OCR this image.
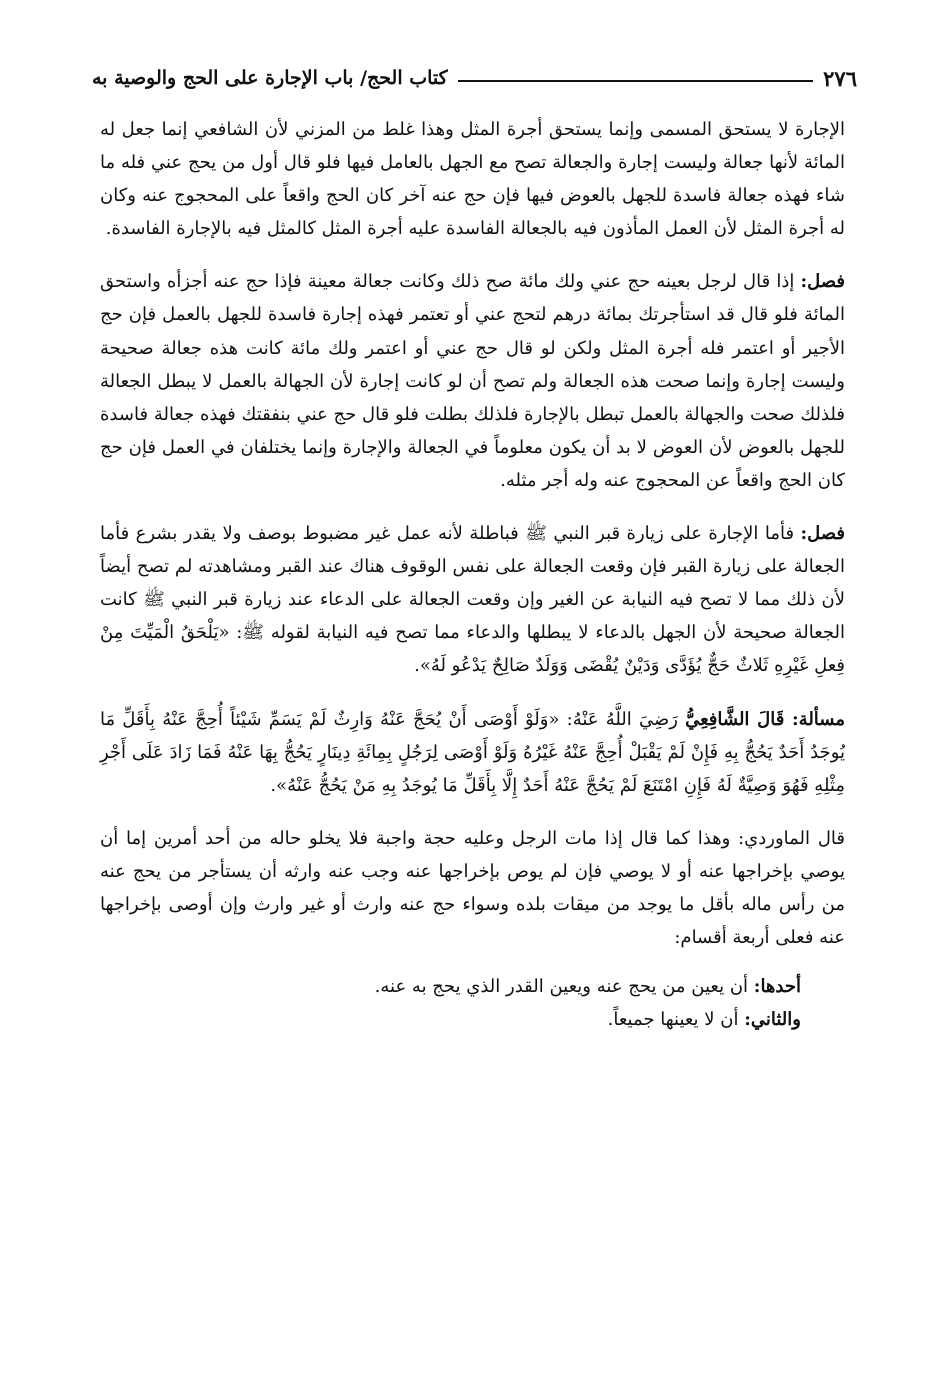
٢٧٦
كتاب الحج/ باب الإجارة على الحج والوصية به

الإجارة لا يستحق المسمى وإنما يستحق أجرة المثل وهذا غلط من المزني لأن الشافعي إنما جعل له المائة لأنها جعالة وليست إجارة والجعالة تصح مع الجهل بالعامل فيها فلو قال أول من يحج عني فله ما شاء فهذه جعالة فاسدة للجهل بالعوض فيها فإن حج عنه آخر كان الحج واقعاً على المحجوج عنه وكان له أجرة المثل لأن العمل المأذون فيه بالجعالة الفاسدة عليه أجرة المثل كالمثل فيه بالإجارة الفاسدة.

فصل: إذا قال لرجل بعينه حج عني ولك مائة صح ذلك وكانت جعالة معينة فإذا حج عنه أجزأه واستحق المائة فلو قال قد استأجرتك بمائة درهم لتحج عني أو تعتمر فهذه إجارة فاسدة للجهل بالعمل فإن حج الأجير أو اعتمر فله أجرة المثل ولكن لو قال حج عني أو اعتمر ولك مائة كانت هذه جعالة صحيحة وليست إجارة وإنما صحت هذه الجعالة ولم تصح أن لو كانت إجارة لأن الجهالة بالعمل لا يبطل الجعالة فلذلك صحت والجهالة بالعمل تبطل بالإجارة فلذلك بطلت فلو قال حج عني بنفقتك فهذه جعالة فاسدة للجهل بالعوض لأن العوض لا بد أن يكون معلوماً في الجعالة والإجارة وإنما يختلفان في العمل فإن حج كان الحج واقعاً عن المحجوج عنه وله أجر مثله.

فصل: فأما الإجارة على زيارة قبر النبي ﷺ فباطلة لأنه عمل غير مضبوط بوصف ولا يقدر بشرع فأما الجعالة على زيارة القبر فإن وقعت الجعالة على نفس الوقوف هناك عند القبر ومشاهدته لم تصح أيضاً لأن ذلك مما لا تصح فيه النيابة عن الغير وإن وقعت الجعالة على الدعاء عند زيارة قبر النبي ﷺ كانت الجعالة صحيحة لأن الجهل بالدعاء لا يبطلها والدعاء مما تصح فيه النيابة لقوله ﷺ: «يَلْحَقُ الْمَيِّتَ مِنْ فِعلِ غَيْرِهِ ثَلاثٌ حَجٌّ يُؤَدَّى وَدَيْنٌ يُقْضَى وَوَلَدٌ صَالِحٌ يَدْعُو لَهُ».

مسألة: قَالَ الشَّافِعِيُّ رَضِيَ اللَّهُ عَنْهُ: «وَلَوْ أَوْصَى أَنْ يُحَجَّ عَنْهُ وَارِثٌ لَمْ يَسَمِّ شَيْئاً أُحِجَّ عَنْهُ بِأَقَلِّ مَا يُوجَدُ أَحَدٌ يَحُجُّ بِهِ فَإِنْ لَمْ يَقْبَلْ أُحِجَّ عَنْهُ غَيْرُهُ وَلَوْ أَوْصَى لِرَجُلٍ بِمِائَةِ دِينَارٍ يَحُجُّ بِهَا عَنْهُ فَمَا زَادَ عَلَى أَجْرِ مِثْلِهِ فَهُوَ وَصِيَّةٌ لَهُ فَإِنِ امْتَنَعَ لَمْ يَحُجَّ عَنْهُ أَحَدٌ إِلَّا بِأَقَلِّ مَا يُوجَدُ بِهِ مَنْ يَحُجُّ عَنْهُ».

قال الماوردي: وهذا كما قال إذا مات الرجل وعليه حجة واجبة فلا يخلو حاله من أحد أمرين إما أن يوصي بإخراجها عنه أو لا يوصي فإن لم يوص بإخراجها عنه وجب عنه وارثه أن يستأجر من يحج عنه من رأس ماله بأقل ما يوجد من ميقات بلده وسواء حج عنه وارث أو غير وارث وإن أوصى بإخراجها عنه فعلى أربعة أقسام:

أحدها: أن يعين من يحج عنه ويعين القدر الذي يحج به عنه.

والثاني: أن لا يعينها جميعاً.
